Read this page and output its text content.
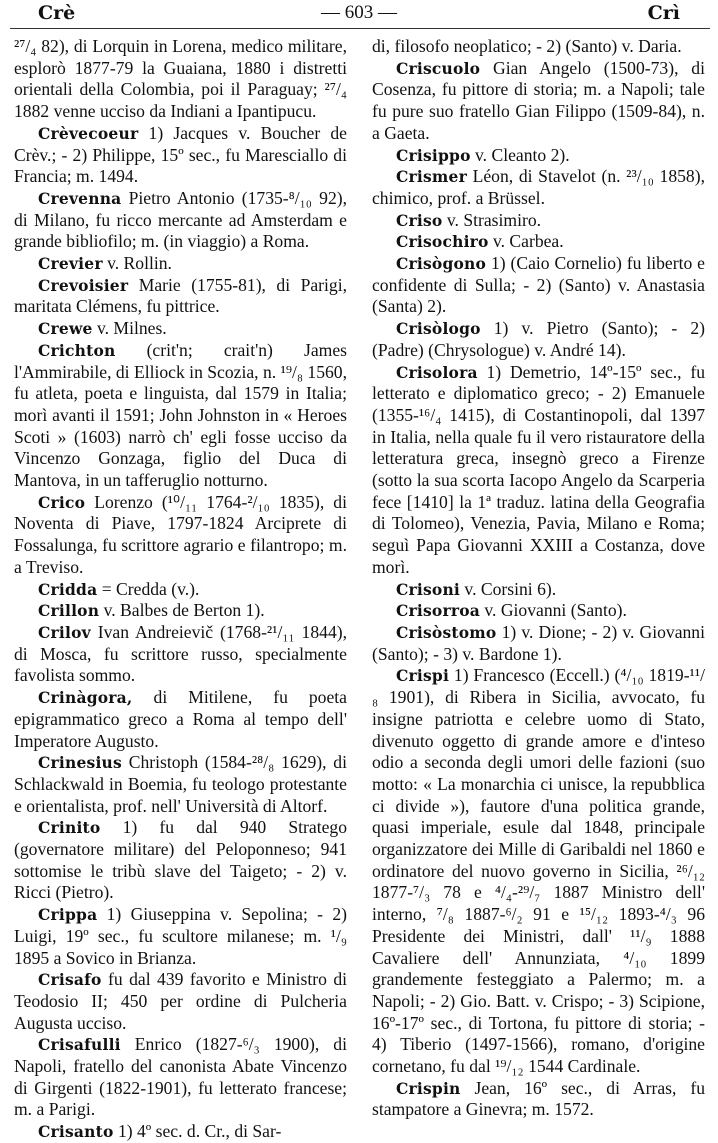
Crè	— 603 —	Crì

²⁷/₄ 82), di Lorquin in Lorena, medico militare, esplorò 1877-79 la Guaiana, 1880 i distretti orientali della Colombia, poi il Paraguay; ²⁷/₄ 1882 venne ucciso da Indiani a Ipantipucu.

Crèvecoeur 1) Jacques v. Boucher de Crèv.; - 2) Philippe, 15º sec., fu Maresciallo di Francia; m. 1494.

Crevenna Pietro Antonio (1735-⁸/₁₀ 92), di Milano, fu ricco mercante ad Amsterdam e grande bibliofilo; m. (in viaggio) a Roma.

Crevier v. Rollin.

Crevoisier Marie (1755-81), di Parigi, maritata Clémens, fu pittrice.

Crewe v. Milnes.

Crichton (crit'n; crait'n) James l'Ammirabile, di Elliock in Scozia, n. ¹⁹/₈ 1560, fu atleta, poeta e linguista, dal 1579 in Italia; morì avanti il 1591; John Johnston in « Heroes Scoti » (1603) narrò ch' egli fosse ucciso da Vincenzo Gonzaga, figlio del Duca di Mantova, in un tafferuglio notturno.

Crico Lorenzo (¹⁰/₁₁ 1764-²/₁₀ 1835), di Noventa di Piave, 1797-1824 Arciprete di Fossalunga, fu scrittore agrario e filantropo; m. a Treviso.

Cridda = Credda (v.).

Crillon v. Balbes de Berton 1).

Crilov Ivan Andreievič (1768-²¹/₁₁ 1844), di Mosca, fu scrittore russo, specialmente favolista sommo.

Crinàgora, di Mitilene, fu poeta epigrammatico greco a Roma al tempo dell' Imperatore Augusto.

Crinesius Christoph (1584-²⁸/₈ 1629), di Schlackwald in Boemia, fu teologo protestante e orientalista, prof. nell' Università di Altorf.

Crinito 1) fu dal 940 Stratego (governatore militare) del Peloponneso; 941 sottomise le tribù slave del Taigeto; - 2) v. Ricci (Pietro).

Crippa 1) Giuseppina v. Sepolina; - 2) Luigi, 19º sec., fu scultore milanese; m. ¹/₉ 1895 a Sovico in Brianza.

Crisafo fu dal 439 favorito e Ministro di Teodosio II; 450 per ordine di Pulcheria Augusta ucciso.

Crisafulli Enrico (1827-⁶/₃ 1900), di Napoli, fratello del canonista Abate Vincenzo di Girgenti (1822-1901), fu letterato francese; m. a Parigi.

Crisanto 1) 4º sec. d. Cr., di Sar-

di, filosofo neoplatico; - 2) (Santo) v. Daria.

Criscuolo Gian Angelo (1500-73), di Cosenza, fu pittore di storia; m. a Napoli; tale fu pure suo fratello Gian Filippo (1509-84), n. a Gaeta.

Crisippo v. Cleanto 2).

Crismer Léon, di Stavelot (n. ²³/₁₀ 1858), chimico, prof. a Brüssel.

Criso v. Strasimiro.

Crisochiro v. Carbea.

Crisògono 1) (Caio Cornelio) fu liberto e confidente di Sulla; - 2) (Santo) v. Anastasia (Santa) 2).

Crisòlogo 1) v. Pietro (Santo); - 2) (Padre) (Chrysologue) v. André 14).

Crisolora 1) Demetrio, 14º-15º sec., fu letterato e diplomatico greco; - 2) Emanuele (1355-¹⁶/₄ 1415), di Costantinopoli, dal 1397 in Italia, nella quale fu il vero ristauratore della letteratura greca, insegnò greco a Firenze (sotto la sua scorta Iacopo Angelo da Scarperia fece [1410] la 1ª traduz. latina della Geografia di Tolomeo), Venezia, Pavia, Milano e Roma; seguì Papa Giovanni XXIII a Costanza, dove morì.

Crisoni v. Corsini 6).

Crisorroa v. Giovanni (Santo).

Crisòstomo 1) v. Dione; - 2) v. Giovanni (Santo); - 3) v. Bardone 1).

Crispi 1) Francesco (Eccell.) (⁴/₁₀ 1819-¹¹/₈ 1901), di Ribera in Sicilia, avvocato, fu insigne patriotta e celebre uomo di Stato, divenuto oggetto di grande amore e d'inteso odio a seconda degli umori delle fazioni (suo motto: « La monarchia ci unisce, la repubblica ci divide »), fautore d'una politica grande, quasi imperiale, esule dal 1848, principale organizzatore dei Mille di Garibaldi nel 1860 e ordinatore del nuovo governo in Sicilia, ²⁶/₁₂ 1877-⁷/₃ 78 e ⁴/₄-²⁹/₇ 1887 Ministro dell' interno, ⁷/₈ 1887-⁶/₂ 91 e ¹⁵/₁₂ 1893-⁴/₃ 96 Presidente dei Ministri, dall' ¹¹/₉ 1888 Cavaliere dell' Annunziata, ⁴/₁₀ 1899 grandemente festeggiato a Palermo; m. a Napoli; - 2) Gio. Batt. v. Crispo; - 3) Scipione, 16º-17º sec., di Tortona, fu pittore di storia; - 4) Tiberio (1497-1566), romano, d'origine cornetano, fu dal ¹⁹/₁₂ 1544 Cardinale.

Crispin Jean, 16º sec., di Arras, fu stampatore a Ginevra; m. 1572.
